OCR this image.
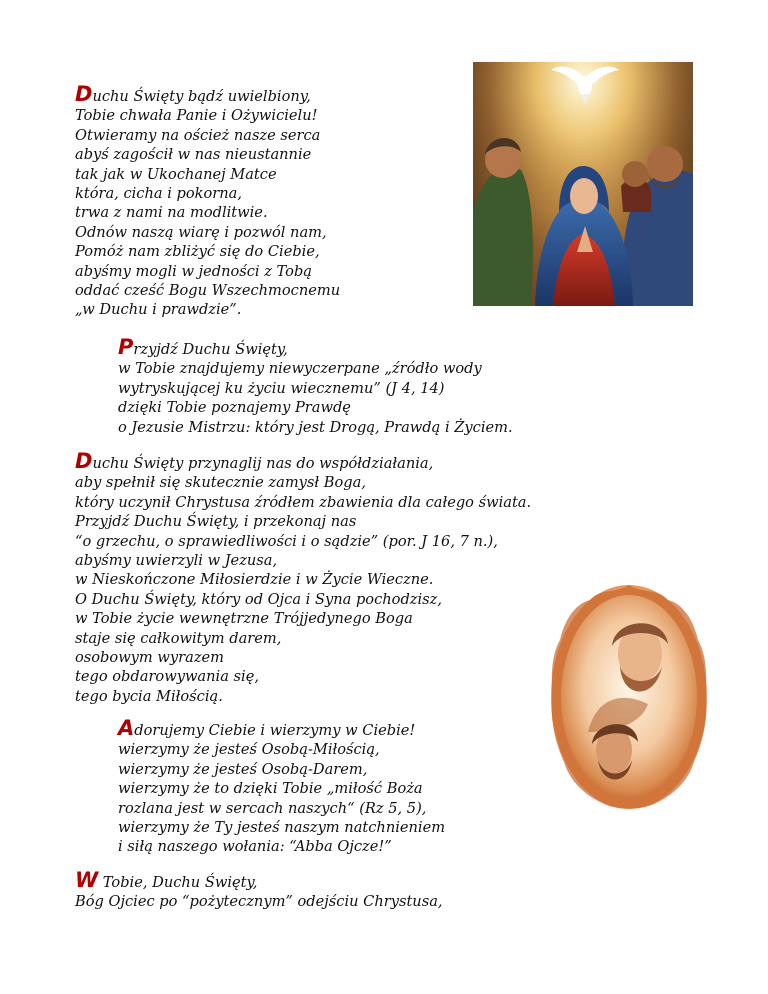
Duchu Święty bądź uwielbiony,
Tobie chwała Panie i Ożywicielu!
Otwieramy na oścież nasze serca
abyś zagościł w nas nieustannie
tak jak w Ukochanej Matce
która, cicha i pokorna,
trwa z nami na modlitwie.
Odnów naszą wiarę i pozwól nam,
Pomóż nam zbliżyć się do Ciebie,
abyśmy mogli w jedności z Tobą
oddać cześć Bogu Wszechmocnemu
„w Duchu i prawdzie”.
Przyjdź Duchu Święty,
w Tobie znajdujemy niewyczerpane „źródło wody
wytryskującej ku życiu wiecznemu” (J 4, 14)
dzięki Tobie poznajemy Prawdę
o Jezusie Mistrzu: który jest Drogą, Prawdą i Życiem.
Duchu Święty przynaglij nas do współdziałania,
aby spełnił się skutecznie zamysł Boga,
który uczynił Chrystusa źródłem zbawienia dla całego świata.
Przyjdź Duchu Święty, i przekonaj nas
“o grzechu, o sprawiedliwości i o sądzie” (por. J 16, 7 n.),
abyśmy uwierzyli w Jezusa,
w Nieskończone Miłosierdzie i w Życie Wieczne.
O Duchu Święty, który od Ojca i Syna pochodzisz,
w Tobie życie wewnętrzne Trójjedynego Boga
staje się całkowitym darem,
osobowym wyrazem
tego obdarowywania się,
tego bycia Miłością.
Adorujemy Ciebie i wierzymy w Ciebie!
wierzymy że jesteś Osobą-Miłością,
wierzymy że jesteś Osobą-Darem,
wierzymy że to dzięki Tobie „miłość Boża
rozlana jest w sercach naszych“ (Rz 5, 5),
wierzymy że Ty jesteś naszym natchnieniem
i siłą naszego wołania: “Abba Ojcze!”
W Tobie, Duchu Święty,
Bóg Ojciec po “pożytecznym” odejściu Chrystusa,
